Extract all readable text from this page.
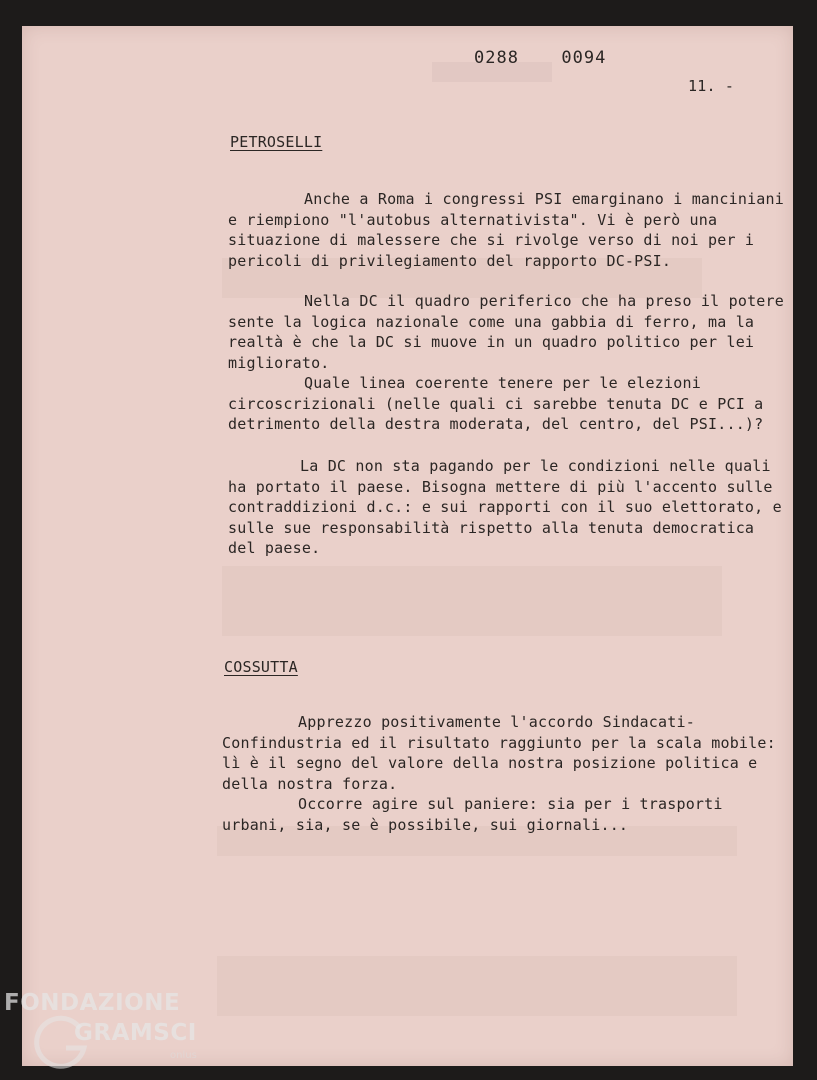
0288  0094
11. -
PETROSELLI

Anche a Roma i congressi PSI emarginano i manciniani e riempiono "l'autobus alternativista". Vi è però una situazione di malessere che si rivolge verso di noi per i pericoli di privilegiamento del rapporto DC-PSI.

Nella DC il quadro periferico che ha preso il potere sente la logica nazionale come una gabbia di ferro, ma la realtà è che la DC si muove in un quadro politico per lei migliorato.

Quale linea coerente tenere per le elezioni circoscrizionali (nelle quali ci sarebbe tenuta DC e PCI a detrimento della destra moderata, del centro, del PSI...)?

La DC non sta pagando per le condizioni nelle quali ha portato il paese. Bisogna mettere di più l'accento sulle contraddizioni d.c.: e sui rapporti con il suo elettorato, e sulle sue responsabilità rispetto alla tenuta democratica del paese.

COSSUTTA

Apprezzo positivamente l'accordo Sindacati-Confindustria ed il risultato raggiunto per la scala mobile: lì è il segno del valore della nostra posizione politica e della nostra forza.

Occorre agire sul paniere: sia per i trasporti urbani, sia, se è possibile, sui giornali...

FONDAZIONE
GRAMSCI
onlus
